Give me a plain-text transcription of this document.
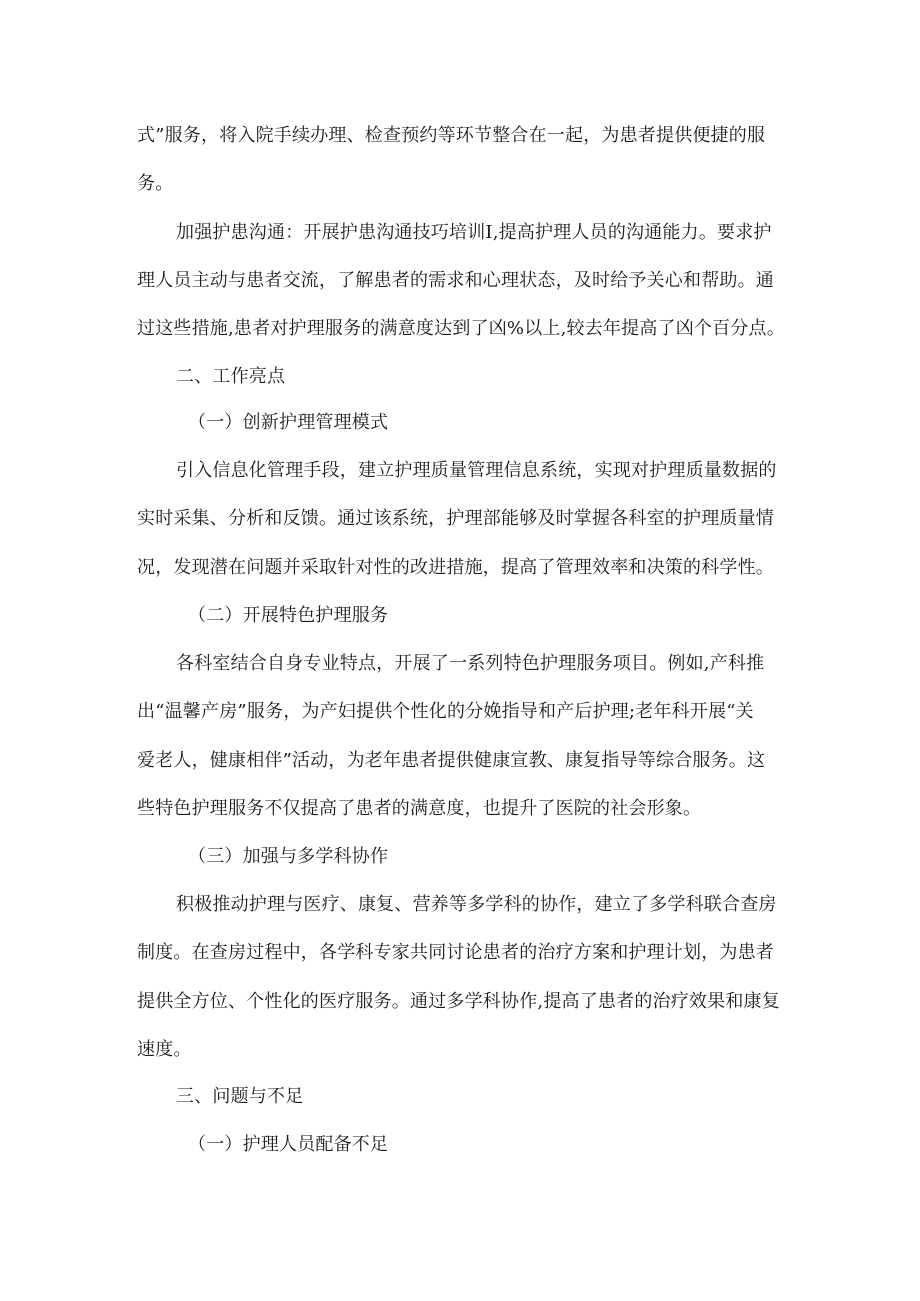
式”服务，将入院手续办理、检查预约等环节整合在一起，为患者提供便捷的服
务。
加强护患沟通：开展护患沟通技巧培训I,提高护理人员的沟通能力。要求护
理人员主动与患者交流，了解患者的需求和心理状态，及时给予关心和帮助。通
过这些措施,患者对护理服务的满意度达到了凶%以上,较去年提高了凶个百分点。
二、工作亮点
（一）创新护理管理模式
引入信息化管理手段，建立护理质量管理信息系统，实现对护理质量数据的
实时采集、分析和反馈。通过该系统，护理部能够及时掌握各科室的护理质量情
况，发现潜在问题并采取针对性的改进措施，提高了管理效率和决策的科学性。
（二）开展特色护理服务
各科室结合自身专业特点，开展了一系列特色护理服务项目。例如,产科推
出“温馨产房”服务，为产妇提供个性化的分娩指导和产后护理;老年科开展“关
爱老人，健康相伴”活动，为老年患者提供健康宣教、康复指导等综合服务。这
些特色护理服务不仅提高了患者的满意度，也提升了医院的社会形象。
（三）加强与多学科协作
积极推动护理与医疗、康复、营养等多学科的协作，建立了多学科联合查房
制度。在查房过程中，各学科专家共同讨论患者的治疗方案和护理计划，为患者
提供全方位、个性化的医疗服务。通过多学科协作,提高了患者的治疗效果和康复
速度。
三、问题与不足
（一）护理人员配备不足
